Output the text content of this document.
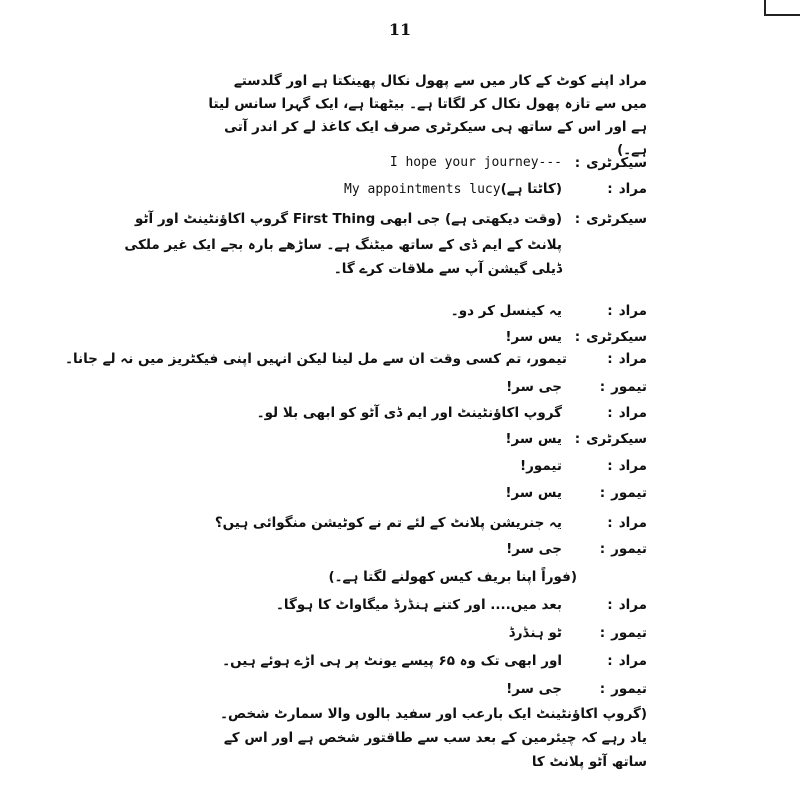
11
مراد اپنے کوٹ کے کار میں سے پھول نکال پھینکتا ہے اور گلدستے میں سے تازہ پھول نکال کر لگاتا ہے۔ بیٹھتا ہے، ایک گہرا سانس لیتا ہے اور اس کے ساتھ ہی سیکرٹری صرف ایک کاغذ لے کر اندر آتی ہے۔)
سیکرٹری:
I hope your journey---
مراد:
(کاٹتا ہے)My appointments lucy
سیکرٹری:
(وقت دیکھتی ہے) جی ابھی First Thing گروپ اکاؤنٹینٹ اور آٹو
پلانٹ کے ایم ڈی کے ساتھ میٹنگ ہے۔ ساڑھے بارہ بجے ایک غیر ملکی
ڈیلی گیشن آپ سے ملاقات کرے گا۔
مراد:
یہ کینسل کر دو۔
سیکرٹری:
یس سر!
مراد:
تیمور، تم کسی وقت ان سے مل لینا لیکن انہیں اپنی فیکٹریز میں نہ لے جانا۔
تیمور:
جی سر!
مراد:
گروپ اکاؤنٹینٹ اور ایم ڈی آٹو کو ابھی بلا لو۔
سیکرٹری:
یس سر!
مراد:
تیمور!
تیمور:
یس سر!
مراد:
یہ جنریشن پلانٹ کے لئے تم نے کوٹیشن منگوائی ہیں؟
تیمور:
جی سر!
(فوراً اپنا بریف کیس کھولنے لگتا ہے۔)
مراد:
بعد میں.... اور کتنے ہنڈرڈ میگاواٹ کا ہوگا۔
تیمور:
ٹو ہنڈرڈ
مراد:
اور ابھی تک وہ ۶۵ پیسے یونٹ پر ہی اڑے ہوئے ہیں۔
تیمور:
جی سر!
(گروپ اکاؤنٹینٹ ایک بارعب اور سفید بالوں والا سمارٹ شخص۔ یاد رہے کہ چیئرمین کے بعد سب سے طاقتور شخص ہے اور اس کے ساتھ آٹو پلانٹ کا
